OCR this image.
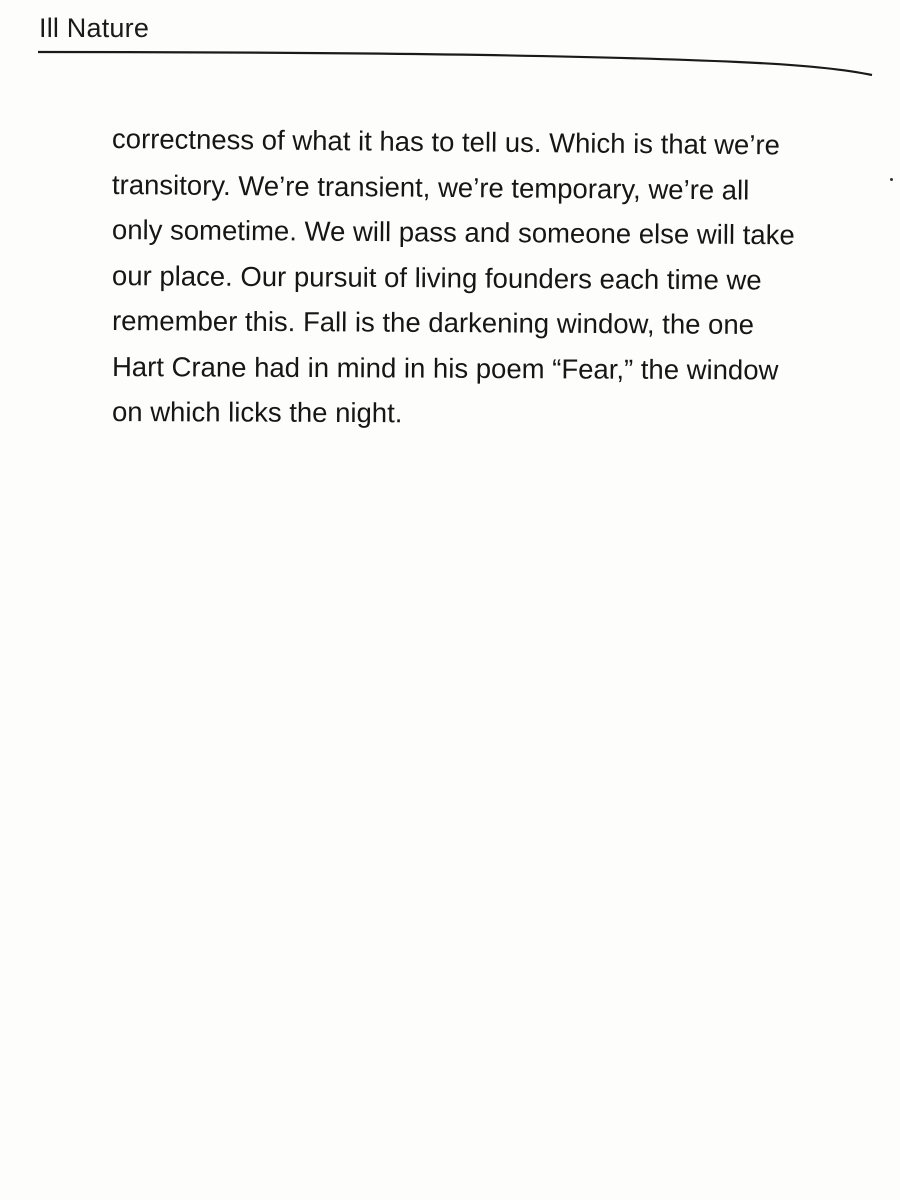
Ill Nature
correctness of what it has to tell us. Which is that we’re
transitory. We’re transient, we’re temporary, we’re all
only sometime. We will pass and someone else will take
our place. Our pursuit of living founders each time we
remember this. Fall is the darkening window, the one
Hart Crane had in mind in his poem “Fear,” the window
on which licks the night.
